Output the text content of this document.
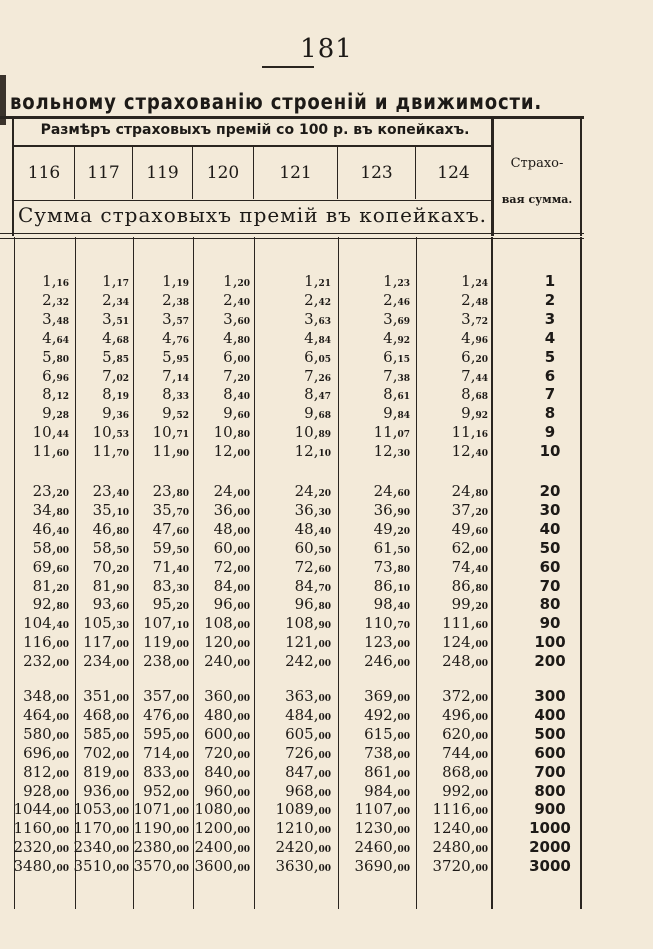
181
вольному страхованію строеній и движимости.
Размѣръ страховыхъ премій со 100 р. въ копейкахъ.
116	117	119	120	121	123	124
Сумма страховыхъ премій въ копейкахъ.
Страхо-
вая сумма.
1,16 1,17 1,19 1,20	1,21	1,23	1,24	1
2,32 2,34 2,38 2,40	2,42	2,46	2,48	2
3,48 3,51 3,57 3,60	3,63	3,69	3,72	3
4,64 4,68 4,76 4,80	4,84	4,92	4,96	4
5,80 5,85 5,95 6,00	6,05	6,15	6,20	5
6,96 7,02 7,14 7,20	7,26	7,38	7,44	6
8,12 8,19 8,33 8,40	8,47	8,61	8,68	7
9,28 9,36 9,52 9,60	9,68	9,84	9,92	8
10,44 10,53 10,71 10,80	10,89	11,07	11,16	9
11,60 11,70 11,90 12,00	12,10	12,30	12,40	10
23,20 23,40 23,80 24,00	24,20	24,60	24,80	20
34,80 35,10 35,70 36,00	36,30	36,90	37,20	30
46,40 46,80 47,60 48,00	48,40	49,20	49,60	40
58,00 58,50 59,50 60,00	60,50	61,50	62,00	50
69,60 70,20 71,40 72,00	72,60	73,80	74,40	60
81,20 81,90 83,30 84,00	84,70	86,10	86,80	70
92,80 93,60 95,20 96,00	96,80	98,40	99,20	80
104,40 105,30 107,10 108,00 108,90 110,70 111,60	90
116,00 117,00 119,00 120,00 121,00 123,00 124,00	100
232,00 234,00 238,00 240,00 242,00 246,00 248,00	200
348,00 351,00 357,00 360,00 363,00 369,00 372,00	300
464,00 468,00 476,00 480,00 484,00 492,00 496,00	400
580,00 585,00 595,00 600,00 605,00 615,00 620,00	500
696,00 702,00 714,00 720,00 726,00 738,00 744,00	600
812,00 819,00 833,00 840,00 847,00 861,00 868,00	700
928,00 936,00 952,00 960,00 968,00 984,00 992,00	800
1044,00 1053,00 1071,00 1080,00 1089,00 1107,00 1116,00	900
1160,00 1170,00 1190,00 1200,00 1210,00 1230,00 1240,00	1000
2320,00 2340,00 2380,00 2400,00 2420,00 2460,00 2480,00	2000
3480,00 3510,00 3570,00 3600,00 3630,00 3690,00 3720,00	3000
